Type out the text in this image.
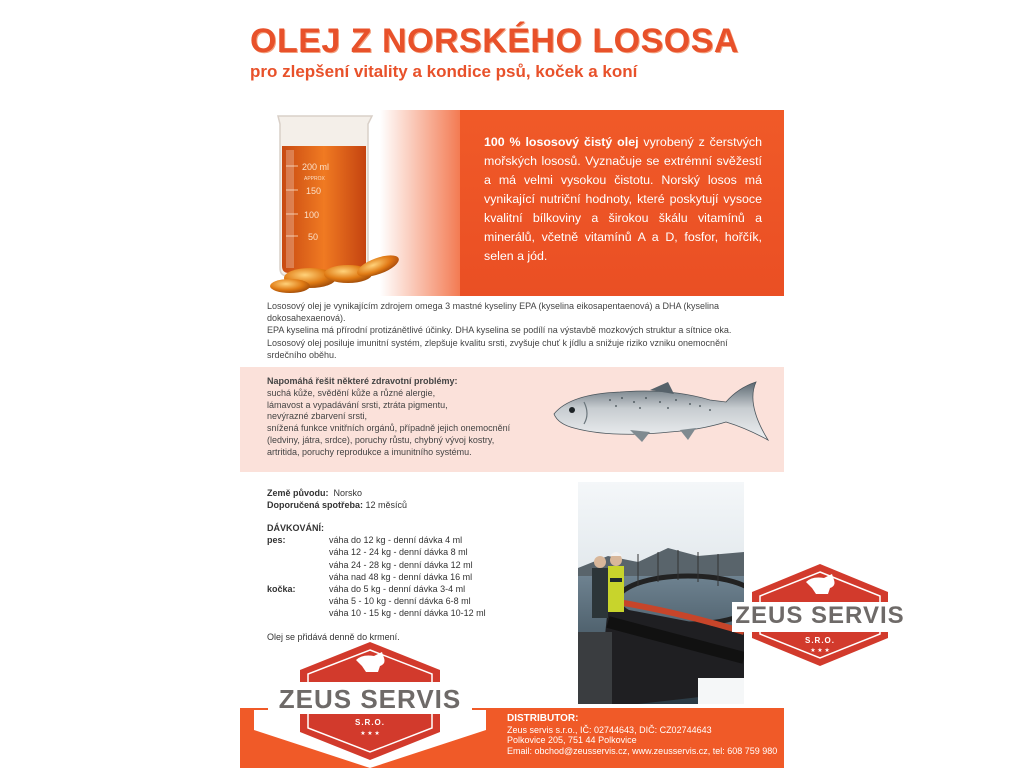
OLEJ Z NORSKÉHO LOSOSA
pro zlepšení vitality a kondice psů, koček a koní
200 ml
APPROX
150
100
50
100 % lososový čistý olej vyrobený z čerstvých mořských lososů. Vyznačuje se extrémní svěžestí a má velmi vysokou čistotu. Norský losos má vynikající nutriční hodnoty, které poskytují vysoce kvalitní bílkoviny a širokou škálu vitamínů a minerálů, včetně vitamínů A a D, fosfor, hořčík, selen a jód.

Lososový olej je vynikajícím zdrojem omega 3 mastné kyseliny EPA (kyselina eikosapentaenová) a DHA (kyselina dokosahexaenová).

EPA kyselina má přírodní protizánětlivé účinky. DHA kyselina se podílí na výstavbě mozkových struktur a sítnice oka. Lososový olej posiluje imunitní systém, zlepšuje kvalitu srsti, zvyšuje chuť k jídlu a snižuje riziko vzniku onemocnění srdečního oběhu.

Napomáhá řešit některé zdravotní problémy:
suchá kůže, svědění kůže a různé alergie,
lámavost a vypadávání srsti, ztráta pigmentu,
nevýrazné zbarvení srsti,
snížená funkce vnitřních orgánů, případně jejich onemocnění
(ledviny, játra, srdce), poruchy růstu, chybný vývoj kostry,
artritida, poruchy reprodukce a imunitního systému.
Země původu: Norsko
Doporučená spotřeba: 12 měsíců
DÁVKOVÁNÍ:
pes:	váha do 12 kg - denní dávka 4 ml
váha 12 - 24 kg - denní dávka 8 ml
váha 24 - 28 kg - denní dávka 12 ml
váha nad 48 kg - denní dávka 16 ml
kočka:	váha do 5 kg - denní dávka 3-4 ml
váha 5 - 10 kg - denní dávka 6-8 ml
váha 10 - 15 kg - denní dávka 10-12 ml
Olej se přidává denně do krmení.
ZEUS SERVIS
S.R.O.
★ ★ ★
ZEUS SERVIS
S.R.O.
★ ★ ★
DISTRIBUTOR:
Zeus servis s.r.o., IČ: 02744643, DIČ: CZ02744643
Polkovice 205, 751 44 Polkovice
Email: obchod@zeusservis.cz, www.zeusservis.cz, tel: 608 759 980
